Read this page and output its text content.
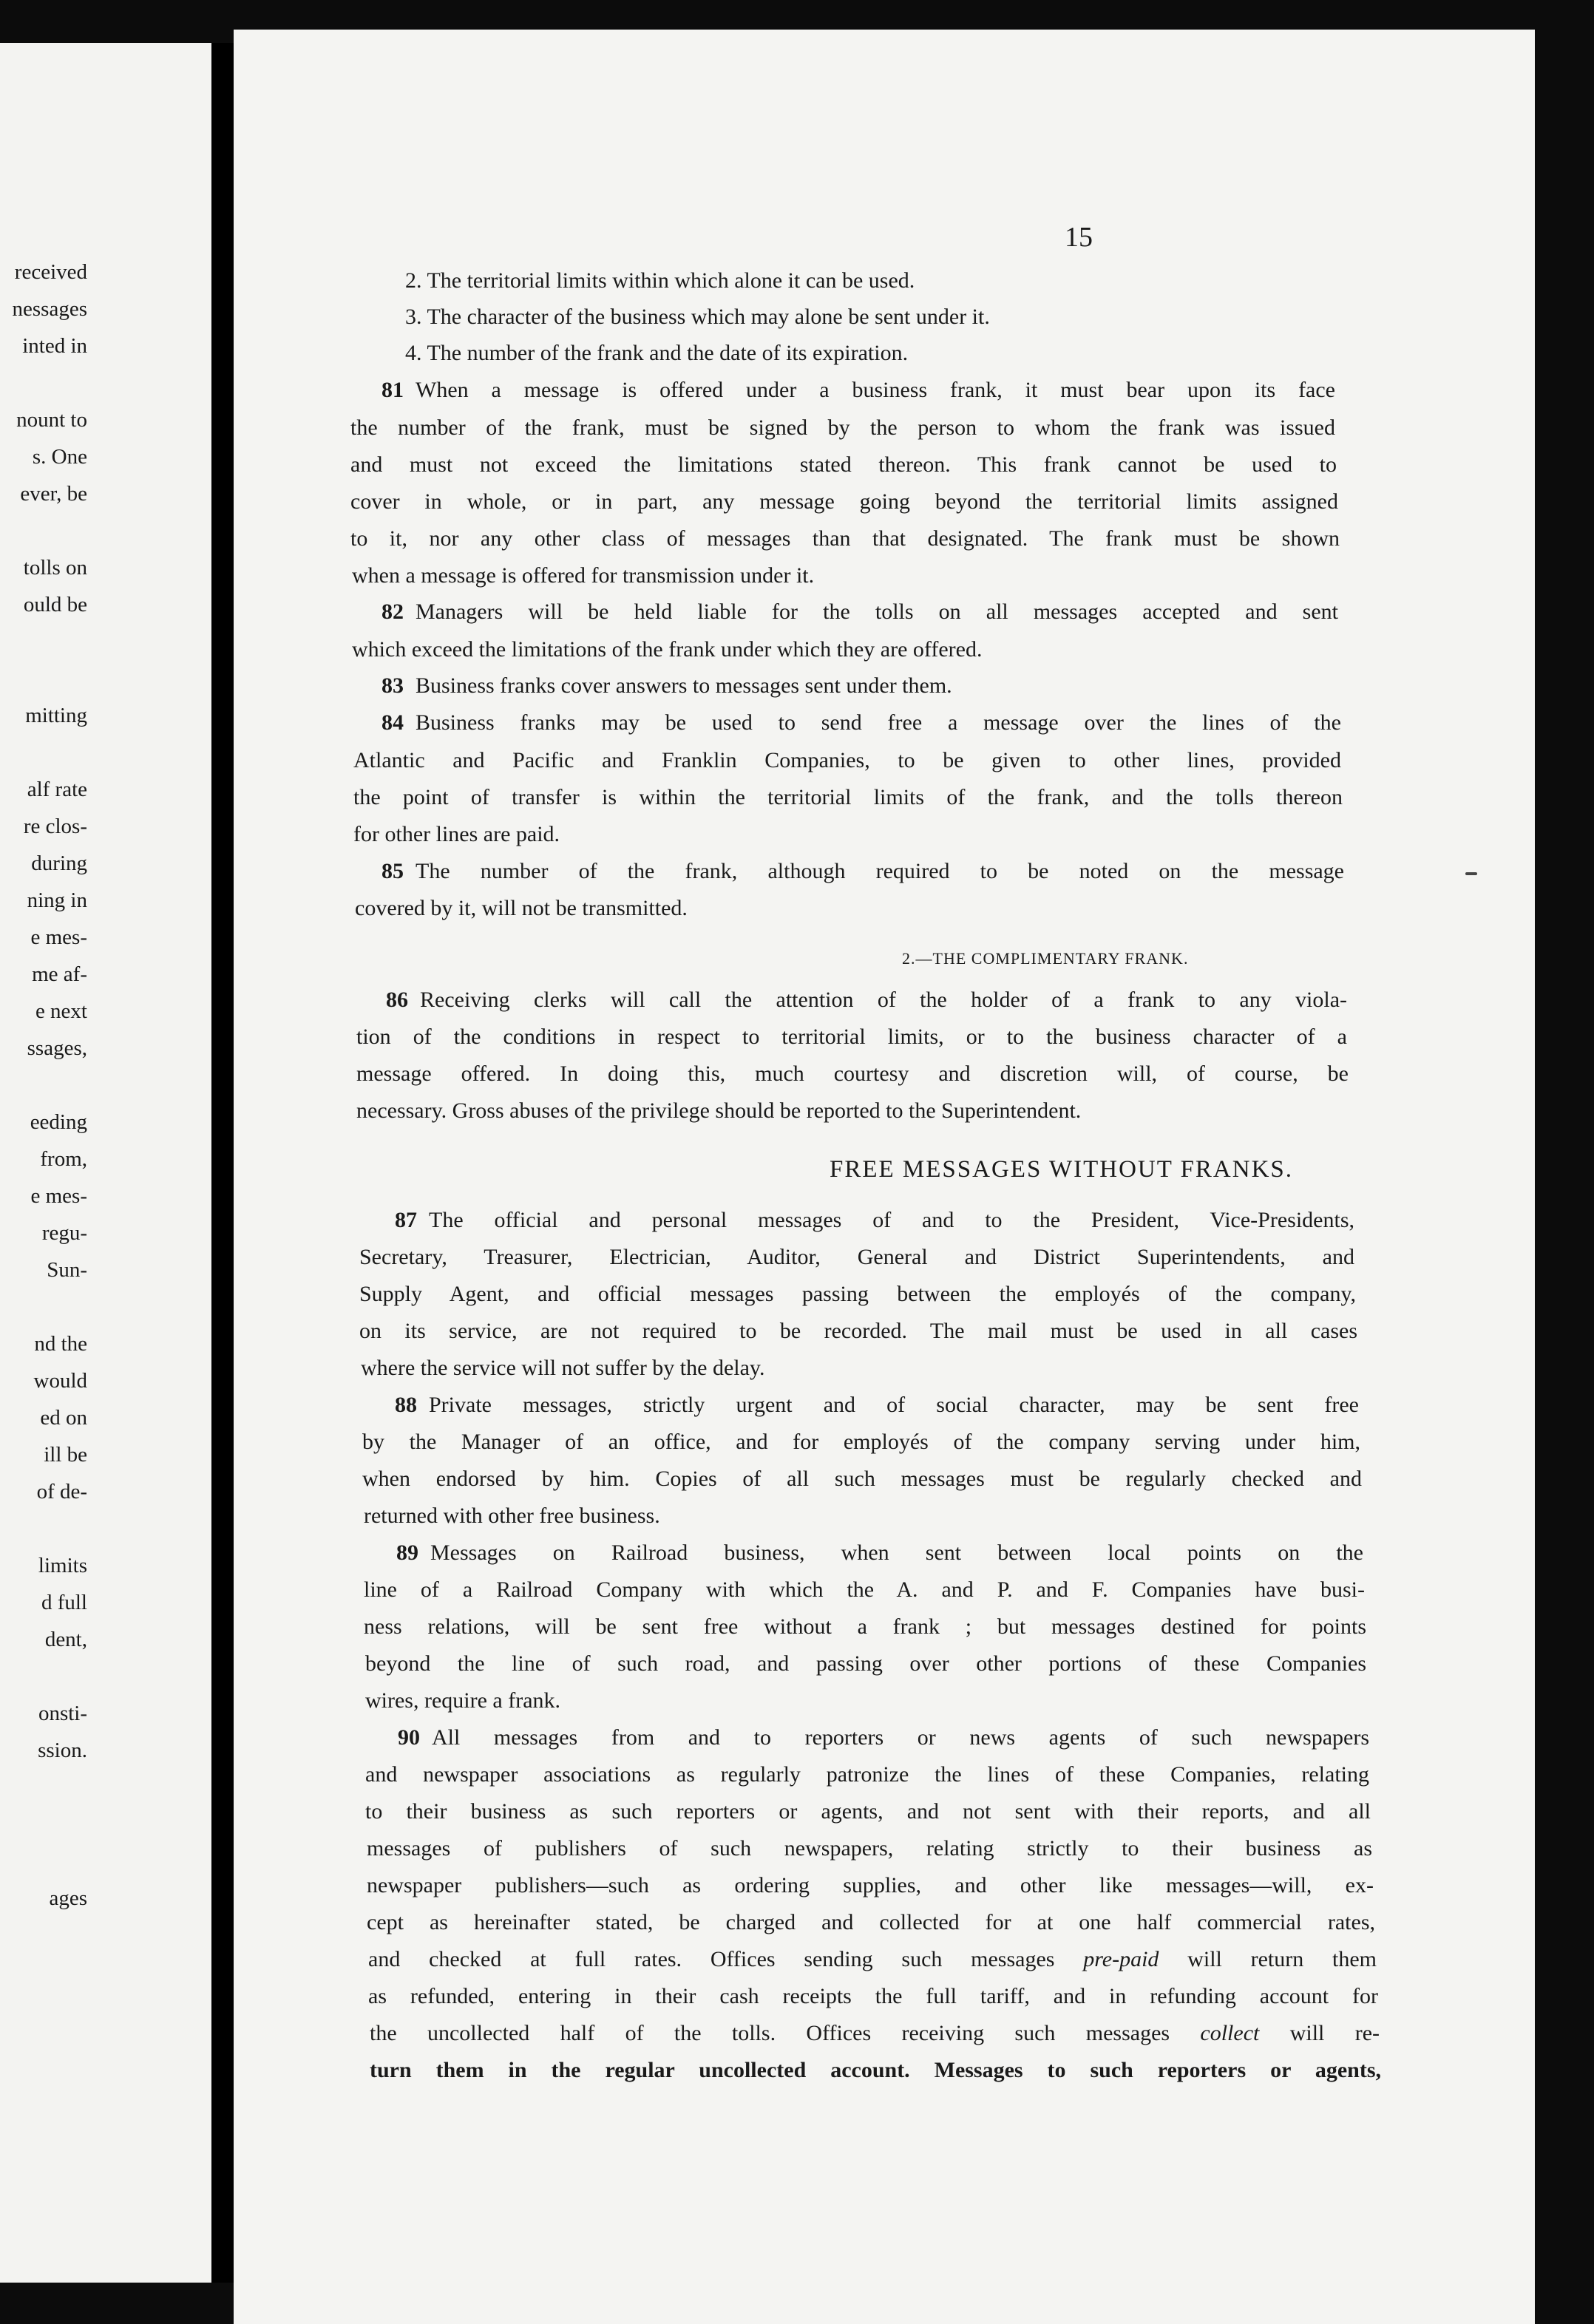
received
nessages
inted in
nount to
s. One
ever, be
tolls on
ould be
mitting
alf rate
re clos-
during
ning in
e mes-
me af-
e next
ssages,
eeding
from,
e mes-
regu-
Sun-
nd the
would
ed on
ill be
of de-
limits
d full
dent,
onsti-
ssion.
ages
15
2. The territorial limits within which alone it can be used.
3. The character of the business which may alone be sent under it.
4. The number of the frank and the date of its expiration.
81 When a message is offered under a business frank, it must bear upon its face
the number of the frank, must be signed by the person to whom the frank was issued
and must not exceed the limitations stated thereon. This frank cannot be used to
cover in whole, or in part, any message going beyond the territorial limits assigned
to it, nor any other class of messages than that designated. The frank must be shown
when a message is offered for transmission under it.
82 Managers will be held liable for the tolls on all messages accepted and sent
which exceed the limitations of the frank under which they are offered.
83 Business franks cover answers to messages sent under them.
84 Business franks may be used to send free a message over the lines of the
Atlantic and Pacific and Franklin Companies, to be given to other lines, provided
the point of transfer is within the territorial limits of the frank, and the tolls thereon
for other lines are paid.
85 The number of the frank, although required to be noted on the message
covered by it, will not be transmitted.
2.—THE COMPLIMENTARY FRANK.
86 Receiving clerks will call the attention of the holder of a frank to any viola-
tion of the conditions in respect to territorial limits, or to the business character of a
message offered. In doing this, much courtesy and discretion will, of course, be
necessary. Gross abuses of the privilege should be reported to the Superintendent.
FREE MESSAGES WITHOUT FRANKS.
87 The official and personal messages of and to the President, Vice-Presidents,
Secretary, Treasurer, Electrician, Auditor, General and District Superintendents, and
Supply Agent, and official messages passing between the employés of the company,
on its service, are not required to be recorded. The mail must be used in all cases
where the service will not suffer by the delay.
88 Private messages, strictly urgent and of social character, may be sent free
by the Manager of an office, and for employés of the company serving under him,
when endorsed by him. Copies of all such messages must be regularly checked and
returned with other free business.
89 Messages on Railroad business, when sent between local points on the
line of a Railroad Company with which the A. and P. and F. Companies have busi-
ness relations, will be sent free without a frank ; but messages destined for points
beyond the line of such road, and passing over other portions of these Companies
wires, require a frank.
90 All messages from and to reporters or news agents of such newspapers
and newspaper associations as regularly patronize the lines of these Companies, relating
to their business as such reporters or agents, and not sent with their reports, and all
messages of publishers of such newspapers, relating strictly to their business as
newspaper publishers—such as ordering supplies, and other like messages—will, ex-
cept as hereinafter stated, be charged and collected for at one half commercial rates,
and checked at full rates. Offices sending such messages pre-paid will return them
as refunded, entering in their cash receipts the full tariff, and in refunding account for
the uncollected half of the tolls. Offices receiving such messages collect will re-
turn them in the regular uncollected account. Messages to such reporters or agents,
